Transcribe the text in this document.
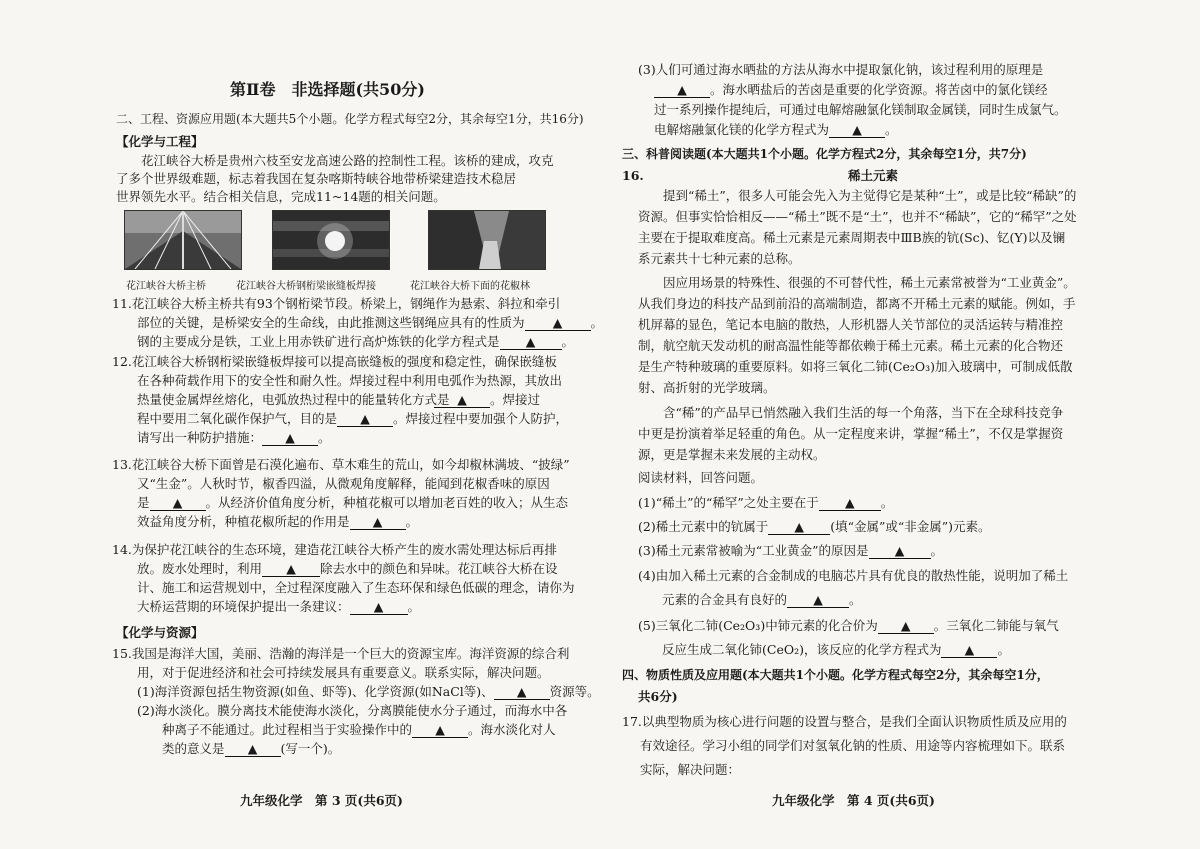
第Ⅱ卷　非选择题(共50分)
二、工程、资源应用题(本大题共5个小题。化学方程式每空2分，其余每空1分，共16分)
【化学与工程】
　　花江峡谷大桥是贵州六枝至安龙高速公路的控制性工程。该桥的建成，攻克
了多个世界级难题，标志着我国在复杂喀斯特峡谷地带桥梁建造技术稳居
世界领先水平。结合相关信息，完成11~14题的相关问题。
花江峡谷大桥主桥	花江峡谷大桥钢桁梁嵌缝板焊接	花江峡谷大桥下面的花椒林
11.花江峡谷大桥主桥共有93个钢桁梁节段。桥梁上，钢绳作为悬索、斜拉和牵引
　　部位的关键，是桥梁安全的生命线，由此推测这些钢绳应具有的性质为 ▲ 。
　　钢的主要成分是铁，工业上用赤铁矿进行高炉炼铁的化学方程式是 ▲ 。
12.花江峡谷大桥钢桁梁嵌缝板焊接可以提高嵌缝板的强度和稳定性，确保嵌缝板
　　在各种荷载作用下的安全性和耐久性。焊接过程中利用电弧作为热源，其放出
　　热量使金属焊丝熔化，电弧放热过程中的能量转化方式是
　　程中要用二氧化碳作保护气，目的是 ▲ 。焊接过程中要加强个人防护，
　　请写出一种防护措施： ▲ 。
▲ 。焊接过
13.花江峡谷大桥下面曾是石漠化遍布、草木难生的荒山，如今却椒林满坡、“披绿”
　　又“生金”。人秋时节，椒香四溢，从微观角度解释，能闻到花椒香味的原因
　　是 ▲ 。从经济价值角度分析，种植花椒可以增加老百姓的收入；从生态
　　效益角度分析，种植花椒所起的作用是 ▲ 。
14.为保护花江峡谷的生态环境，建造花江峡谷大桥产生的废水需处理达标后再排
　　放。废水处理时，利用 ▲ 除去水中的颜色和异味。花江峡谷大桥在设
　　计、施工和运营规划中，全过程深度融入了生态环保和绿色低碳的理念，请你为
　　大桥运营期的环境保护提出一条建议： ▲ 。
【化学与资源】
15.我国是海洋大国，美丽、浩瀚的海洋是一个巨大的资源宝库。海洋资源的综合利
　　用，对于促进经济和社会可持续发展具有重要意义。联系实际，解决问题。
　　(1)海洋资源包括生物资源(如鱼、虾等)、化学资源(如NaCl等)、 ▲ 资源等。
　　(2)海水淡化。膜分离技术能使海水淡化，分离膜能使水分子通过，而海水中各
　　　　种离子不能通过。此过程相当于实验操作中的 ▲ 。海水淡化对人
　　　　类的意义是 ▲ (写一个)。
九年级化学　第 3 页(共6页)
(3)人们可通过海水晒盐的方法从海水中提取氯化钠，该过程利用的原理是
▲ 。海水晒盐后的苦卤是重要的化学资源。将苦卤中的氯化镁经
过一系列操作提纯后，可通过电解熔融氯化镁制取金属镁，同时生成氯气。
电解熔融氯化镁的化学方程式为 ▲ 。
三、科普阅读题(本大题共1个小题。化学方程式2分，其余每空1分，共7分)
16.	稀土元素
　　提到“稀土”，很多人可能会先入为主觉得它是某种“土”，或是比较“稀缺”的
资源。但事实恰恰相反——“稀土”既不是“土”，也并不“稀缺”，它的“稀罕”之处
主要在于提取难度高。稀土元素是元素周期表中ⅢB族的钪(Sc)、钇(Y)以及镧
系元素共十七种元素的总称。
　　因应用场景的特殊性、很强的不可替代性，稀土元素常被誉为“工业黄金”。
从我们身边的科技产品到前沿的高端制造，都离不开稀土元素的赋能。例如，手
机屏幕的显色，笔记本电脑的散热，人形机器人关节部位的灵活运转与精准控
制，航空航天发动机的耐高温性能等都依赖于稀土元素。稀土元素的化合物还
是生产特种玻璃的重要原料。如将三氧化二铈(Ce₂O₃)加入玻璃中，可制成低散
射、高折射的光学玻璃。
　　含“稀”的产品早已悄然融入我们生活的每一个角落，当下在全球科技竞争
中更是扮演着举足轻重的角色。从一定程度来讲，掌握“稀土”，不仅是掌握资
源，更是掌握未来发展的主动权。
阅读材料，回答问题。
(1)“稀土”的“稀罕”之处主要在于 ▲ 。
(2)稀土元素中的钪属于 ▲ (填“金属”或“非金属”)元素。
(3)稀土元素常被喻为“工业黄金”的原因是 ▲ 。
(4)由加入稀土元素的合金制成的电脑芯片具有优良的散热性能，说明加了稀土
元素的合金具有良好的 ▲ 。
(5)三氧化二铈(Ce₂O₃)中铈元素的化合价为 ▲ 。三氧化二铈能与氧气
反应生成二氧化铈(CeO₂)，该反应的化学方程式为 ▲ 。
四、物质性质及应用题(本大题共1个小题。化学方程式每空2分，其余每空1分，
共6分)
17.以典型物质为核心进行问题的设置与整合，是我们全面认识物质性质及应用的
有效途径。学习小组的同学们对氢氧化钠的性质、用途等内容梳理如下。联系
实际，解决问题：
九年级化学　第 4 页(共6页)
